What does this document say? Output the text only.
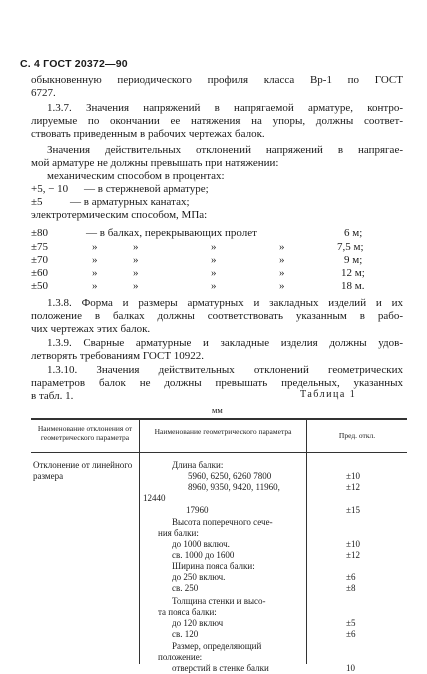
С. 4 ГОСТ 20372—90
обыкновенную периодического профиля класса Вр-1 по ГОСТ
6727.
1.3.7. Значения напряжений в напрягаемой арматуре, контро-
лируемые по окончании ее натяжения на упоры, должны соответ-
ствовать приведенным в рабочих чертежах балок.
Значения действительных отклонений напряжений в напрягае-
мой арматуре не должны превышать при натяжении:
механическим способом в процентах:
+5, − 10 — в стержневой арматуре;
±5 — в арматурных канатах;
электротермическим способом, МПа:
±80	— в балках, перекрывающих пролет	6 м;
±75	»	»	»	»	7,5 м;
±70	»	»	»	»	9 м;
±60	»	»	»	»	12 м;
±50	»	»	»	»	18 м.
1.3.8. Форма и размеры арматурных и закладных изделий и их
положение в балках должны соответствовать указанным в рабо-
чих чертежах этих балок.
1.3.9. Сварные арматурные и закладные изделия должны удов-
летворять требованиям ГОСТ 10922.
1.3.10. Значения действительных отклонений геометрических
параметров балок не должны превышать предельных, указанных
в табл. 1.	Таблица 1
мм
Наименование отклонения от геометрического параметра
Наименование геометрического параметра	Пред. откл.
Отклонение от линейного
размера
Длина балки:
5960, 6250, 6260 7800	±10
8960, 9350, 9420, 11960,	±12
12440
17960	±15
Высота поперечного сече-
ния балки:
до 1000 включ.	±10
св. 1000 до 1600	±12
Ширина пояса балки:
до 250 включ.	±6
св. 250	±8
Толщина стенки и высо-
та пояса балки:
до 120 включ	±5
св. 120	±6
Размер, определяющий
положение:
отверстий в стенке балки	10
